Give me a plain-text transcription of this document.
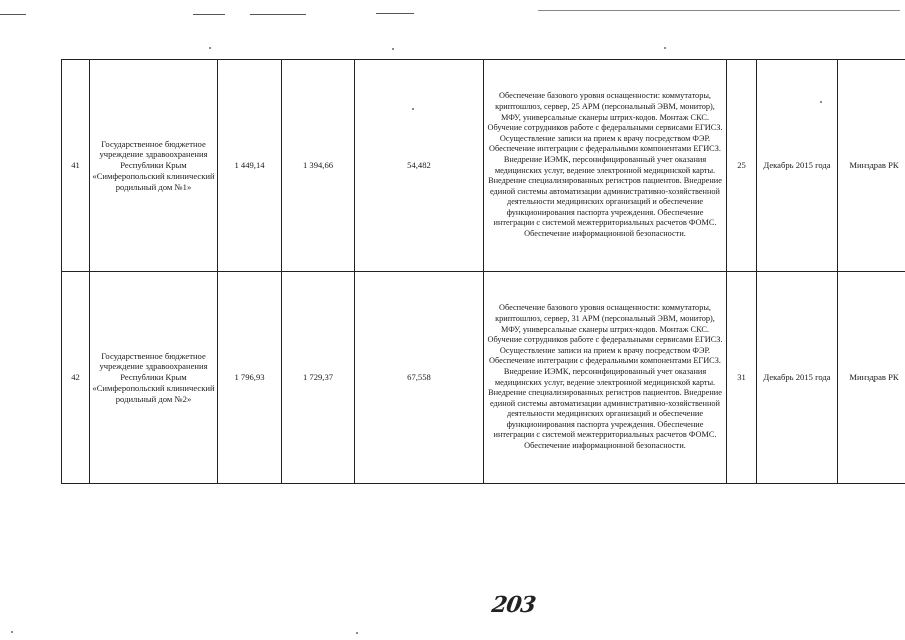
41	Государственное бюджетное учреждение здравоохранения Республики Крым «Симферопольский клинический родильный дом №1»	1 449,14	1 394,66	54,482	Обеспечение базового уровня оснащенности: коммутаторы, криптошлюз, сервер, 25 АРМ (персональный ЭВМ, монитор), МФУ, универсальные сканеры штрих-кодов. Монтаж СКС. Обучение сотрудников работе с федеральными сервисами ЕГИСЗ. Осуществление записи на прием к врачу посредством ФЭР. Обеспечение интеграции с федеральными компонентами ЕГИСЗ. Внедрение ИЭМК, персонифицированный учет оказания медицинских услуг, ведение электронной медицинской карты. Внедрение специализированных регистров пациентов. Внедрение единой системы автоматизации административно-хозяйственной деятельности медицинских организаций и обеспечение функционирования паспорта учреждения. Обеспечение интеграции с системой межтерриториальных расчетов ФОМС. Обеспечение информационной безопасности.	25	Декабрь 2015 года	Минздрав РК
42	Государственное бюджетное учреждение здравоохранения Республики Крым «Симферопольский клинический родильный дом №2»	1 796,93	1 729,37	67,558	Обеспечение базового уровня оснащенности: коммутаторы, криптошлюз, сервер, 31 АРМ (персональный ЭВМ, монитор), МФУ, универсальные сканеры штрих-кодов. Монтаж СКС. Обучение сотрудников работе с федеральными сервисами ЕГИСЗ. Осуществление записи на прием к врачу посредством ФЭР. Обеспечение интеграции с федеральными компонентами ЕГИСЗ. Внедрение ИЭМК, персонифицированный учет оказания медицинских услуг, ведение электронной медицинской карты. Внедрение специализированных регистров пациентов. Внедрение единой системы автоматизации административно-хозяйственной деятельности медицинских организаций и обеспечение функционирования паспорта учреждения. Обеспечение интеграции с системой межтерриториальных расчетов ФОМС. Обеспечение информационной безопасности.	31	Декабрь 2015 года	Минздрав РК
203
